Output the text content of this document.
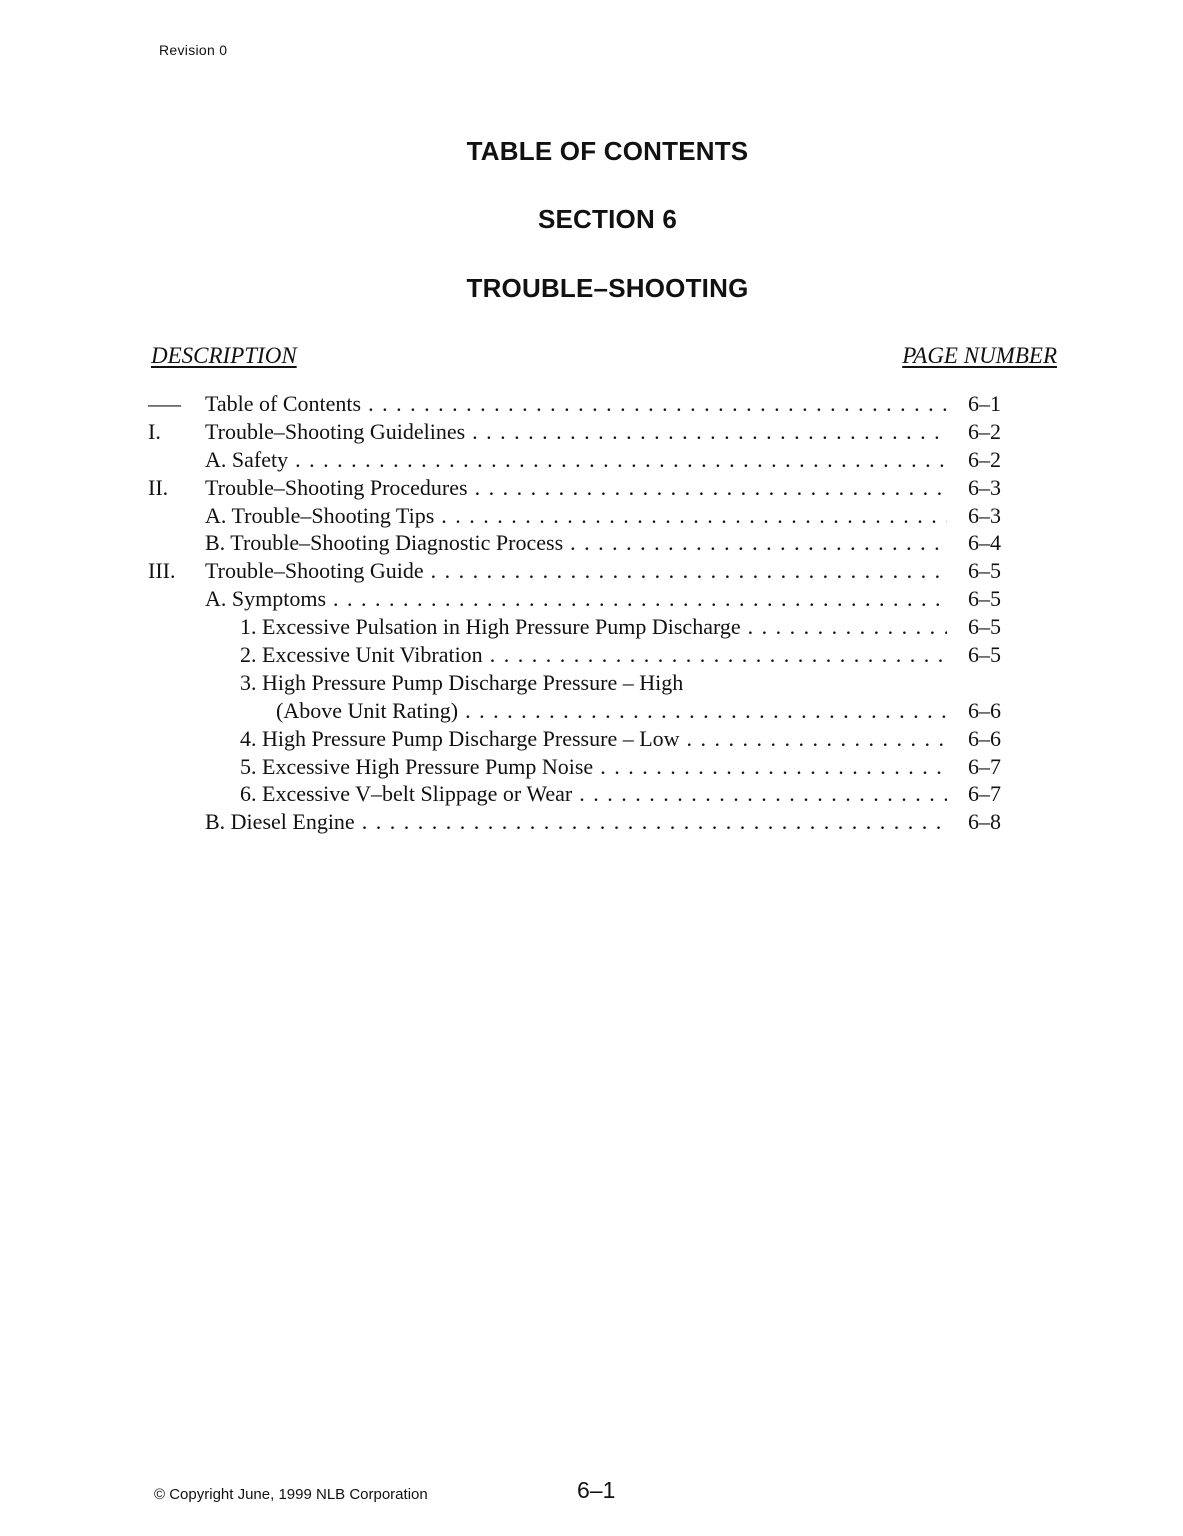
Revision 0
TABLE OF CONTENTS
SECTION 6
TROUBLE–SHOOTING
DESCRIPTION	PAGE NUMBER
––– Table of Contents . . .	6–1
I. Trouble–Shooting Guidelines . . .	6–2
A. Safety . . .	6–2
II. Trouble–Shooting Procedures . . .	6–3
A. Trouble–Shooting Tips . . .	6–3
B. Trouble–Shooting Diagnostic Process . . .	6–4
III. Trouble–Shooting Guide . . .	6–5
A. Symptoms . . .	6–5
1. Excessive Pulsation in High Pressure Pump Discharge . . .	6–5
2. Excessive Unit Vibration . . .	6–5
3. High Pressure Pump Discharge Pressure – High
(Above Unit Rating) . . .	6–6
4. High Pressure Pump Discharge Pressure – Low . . .	6–6
5. Excessive High Pressure Pump Noise . . .	6–7
6. Excessive V–belt Slippage or Wear . . .	6–7
B. Diesel Engine . . .	6–8
© Copyright June, 1999 NLB Corporation	6–1
